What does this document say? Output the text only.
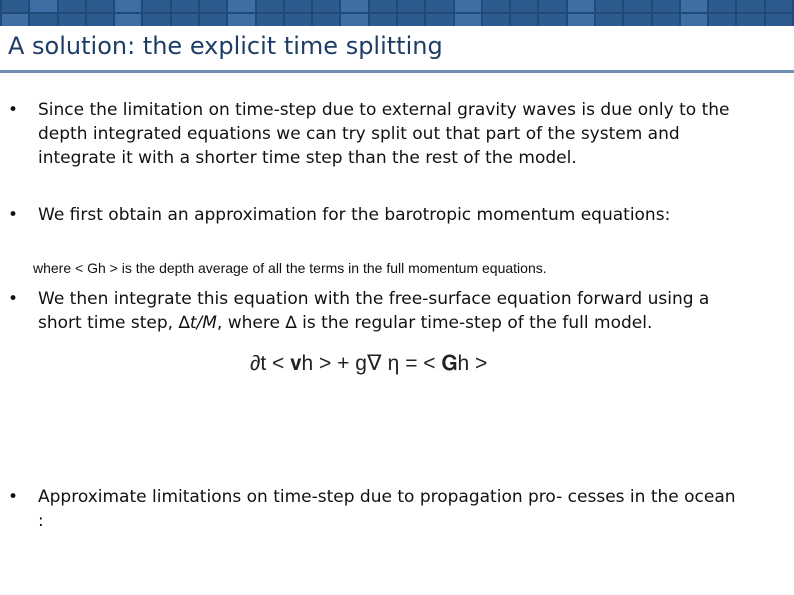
A solution: the explicit time splitting
• Since the limitation on time-step due to external gravity waves is due only to the depth integrated equations we can try split out that part of the system and integrate it with a shorter time step than the rest of the model.
• We first obtain an approximation for the barotropic momentum equations:
where < Gh > is the depth average of all the terms in the full momentum equations.
• We then integrate this equation with the free-surface equation forward using a short time step, ∆t/M, where ∆ is the regular time-step of the full model.
∂t < 𝐯h > + g∇ η = < 𝐆h >
• Approximate limitations on time-step due to propagation pro- cesses in the ocean :
